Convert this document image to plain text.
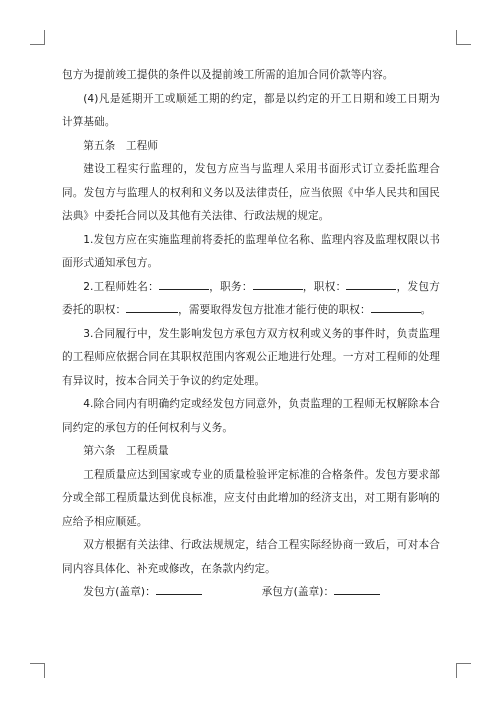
包方为提前竣工提供的条件以及提前竣工所需的追加合同价款等内容。

(4)凡是延期开工或顺延工期的约定，都是以约定的开工日期和竣工日期为计算基础。

第五条　工程师

建设工程实行监理的，发包方应当与监理人采用书面形式订立委托监理合同。发包方与监理人的权利和义务以及法律责任，应当依照《中华人民共和国民法典》中委托合同以及其他有关法律、行政法规的规定。

1.发包方应在实施监理前将委托的监理单位名称、监理内容及监理权限以书面形式通知承包方。

2.工程师姓名：	，职务：	，职权：	，发包方委托的职权：	，需要取得发包方批准才能行使的职权：	。

3.合同履行中，发生影响发包方承包方双方权利或义务的事件时，负责监理的工程师应依据合同在其职权范围内客观公正地进行处理。一方对工程师的处理有异议时，按本合同关于争议的约定处理。

4.除合同内有明确约定或经发包方同意外，负责监理的工程师无权解除本合同约定的承包方的任何权利与义务。

第六条　工程质量

工程质量应达到国家或专业的质量检验评定标准的合格条件。发包方要求部分或全部工程质量达到优良标准，应支付由此增加的经济支出，对工期有影响的应给予相应顺延。

双方根据有关法律、行政法规规定，结合工程实际经协商一致后，可对本合同内容具体化、补充或修改，在条款内约定。

发包方(盖章)：	承包方(盖章)：
